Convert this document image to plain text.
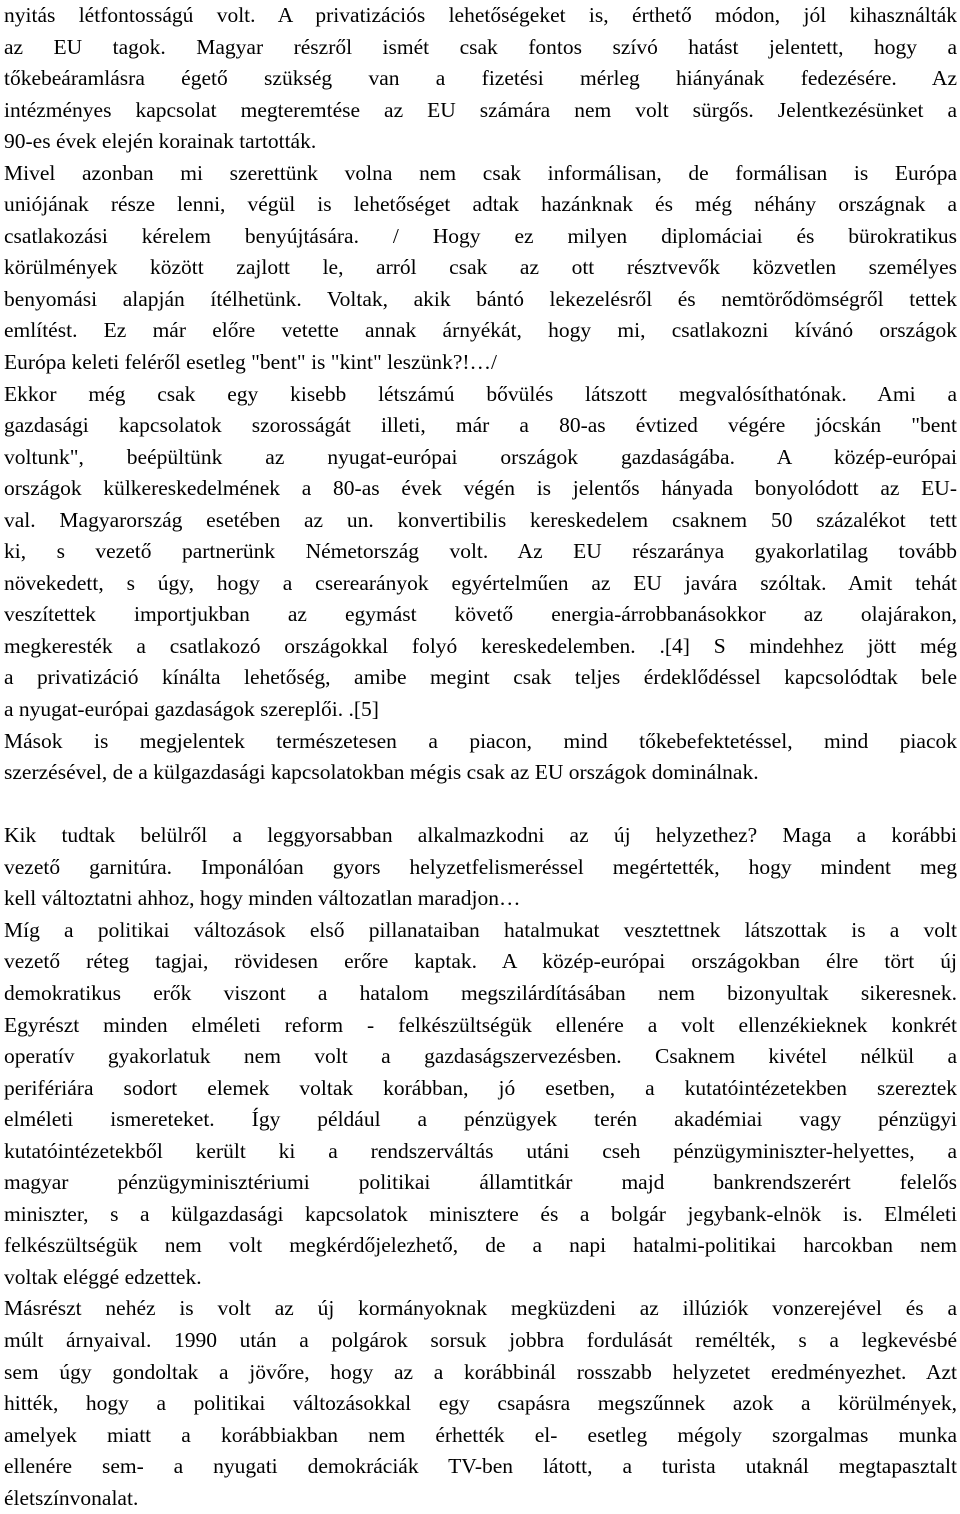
nyitás létfontosságú volt. A privatizációs lehetőségeket is, érthető módon, jól kihasználták
az EU tagok. Magyar részről ismét csak fontos szívó hatást jelentett, hogy a
tőkebeáramlásra égető szükség van a fizetési mérleg hiányának fedezésére. Az
intézményes kapcsolat megteremtése az EU számára nem volt sürgős. Jelentkezésünket a
90-es évek elején korainak tartották.
Mivel azonban mi szerettünk volna nem csak informálisan, de formálisan is Európa
uniójának része lenni, végül is lehetőséget adtak hazánknak és még néhány országnak a
csatlakozási kérelem benyújtására. / Hogy ez milyen diplomáciai és bürokratikus
körülmények között zajlott le, arról csak az ott résztvevők közvetlen személyes
benyomási alapján ítélhetünk. Voltak, akik bántó lekezelésről és nemtörődömségről tettek
említést. Ez már előre vetette annak árnyékát, hogy mi, csatlakozni kívánó országok
Európa keleti feléről esetleg "bent" is "kint" leszünk?!…/
Ekkor még csak egy kisebb létszámú bővülés látszott megvalósíthatónak. Ami a
gazdasági kapcsolatok szorosságát illeti, már a 80-as évtized végére jócskán "bent
voltunk", beépültünk az nyugat-európai országok gazdaságába. A közép-európai
országok külkereskedelmének a 80-as évek végén is jelentős hányada bonyolódott az EU-
val. Magyarország esetében az un. konvertibilis kereskedelem csaknem 50 százalékot tett
ki, s vezető partnerünk Németország volt. Az EU részaránya gyakorlatilag tovább
növekedett, s úgy, hogy a cserearányok egyértelműen az EU javára szóltak. Amit tehát
veszítettek importjukban az egymást követő energia-árrobbanásokkor az olajárakon,
megkeresték a csatlakozó országokkal folyó kereskedelemben. .[4] S mindehhez jött még
a privatizáció kínálta lehetőség, amibe megint csak teljes érdeklődéssel kapcsolódtak bele
a nyugat-európai gazdaságok szereplői. .[5]
Mások is megjelentek természetesen a piacon, mind tőkebefektetéssel, mind piacok
szerzésével, de a külgazdasági kapcsolatokban mégis csak az EU országok dominálnak.
Kik tudtak belülről a leggyorsabban alkalmazkodni az új helyzethez? Maga a korábbi
vezető garnitúra. Imponálóan gyors helyzetfelismeréssel megértették, hogy mindent meg
kell változtatni ahhoz, hogy minden változatlan maradjon…
Míg a politikai változások első pillanataiban hatalmukat vesztettnek látszottak is a volt
vezető réteg tagjai, rövidesen erőre kaptak. A közép-európai országokban élre tört új
demokratikus erők viszont a hatalom megszilárdításában nem bizonyultak sikeresnek.
Egyrészt minden elméleti reform - felkészültségük ellenére a volt ellenzékieknek konkrét
operatív gyakorlatuk nem volt a gazdaságszervezésben. Csaknem kivétel nélkül a
perifériára sodort elemek voltak korábban, jó esetben, a kutatóintézetekben szereztek
elméleti ismereteket. Így például a pénzügyek terén akadémiai vagy pénzügyi
kutatóintézetekből került ki a rendszerváltás utáni cseh pénzügyminiszter-helyettes, a
magyar pénzügyminisztériumi politikai államtitkár majd bankrendszerért felelős
miniszter, s a külgazdasági kapcsolatok minisztere és a bolgár jegybank-elnök is. Elméleti
felkészültségük nem volt megkérdőjelezhető, de a napi hatalmi-politikai harcokban nem
voltak eléggé edzettek.
Másrészt nehéz is volt az új kormányoknak megküzdeni az illúziók vonzerejével és a
múlt árnyaival. 1990 után a polgárok sorsuk jobbra fordulását remélték, s a legkevésbé
sem úgy gondoltak a jövőre, hogy az a korábbinál rosszabb helyzetet eredményezhet. Azt
hitték, hogy a politikai változásokkal egy csapásra megszűnnek azok a körülmények,
amelyek miatt a korábbiakban nem érhették el- esetleg mégoly szorgalmas munka
ellenére sem- a nyugati demokráciák TV-ben látott, a turista utaknál megtapasztalt
életszínvonalat.
